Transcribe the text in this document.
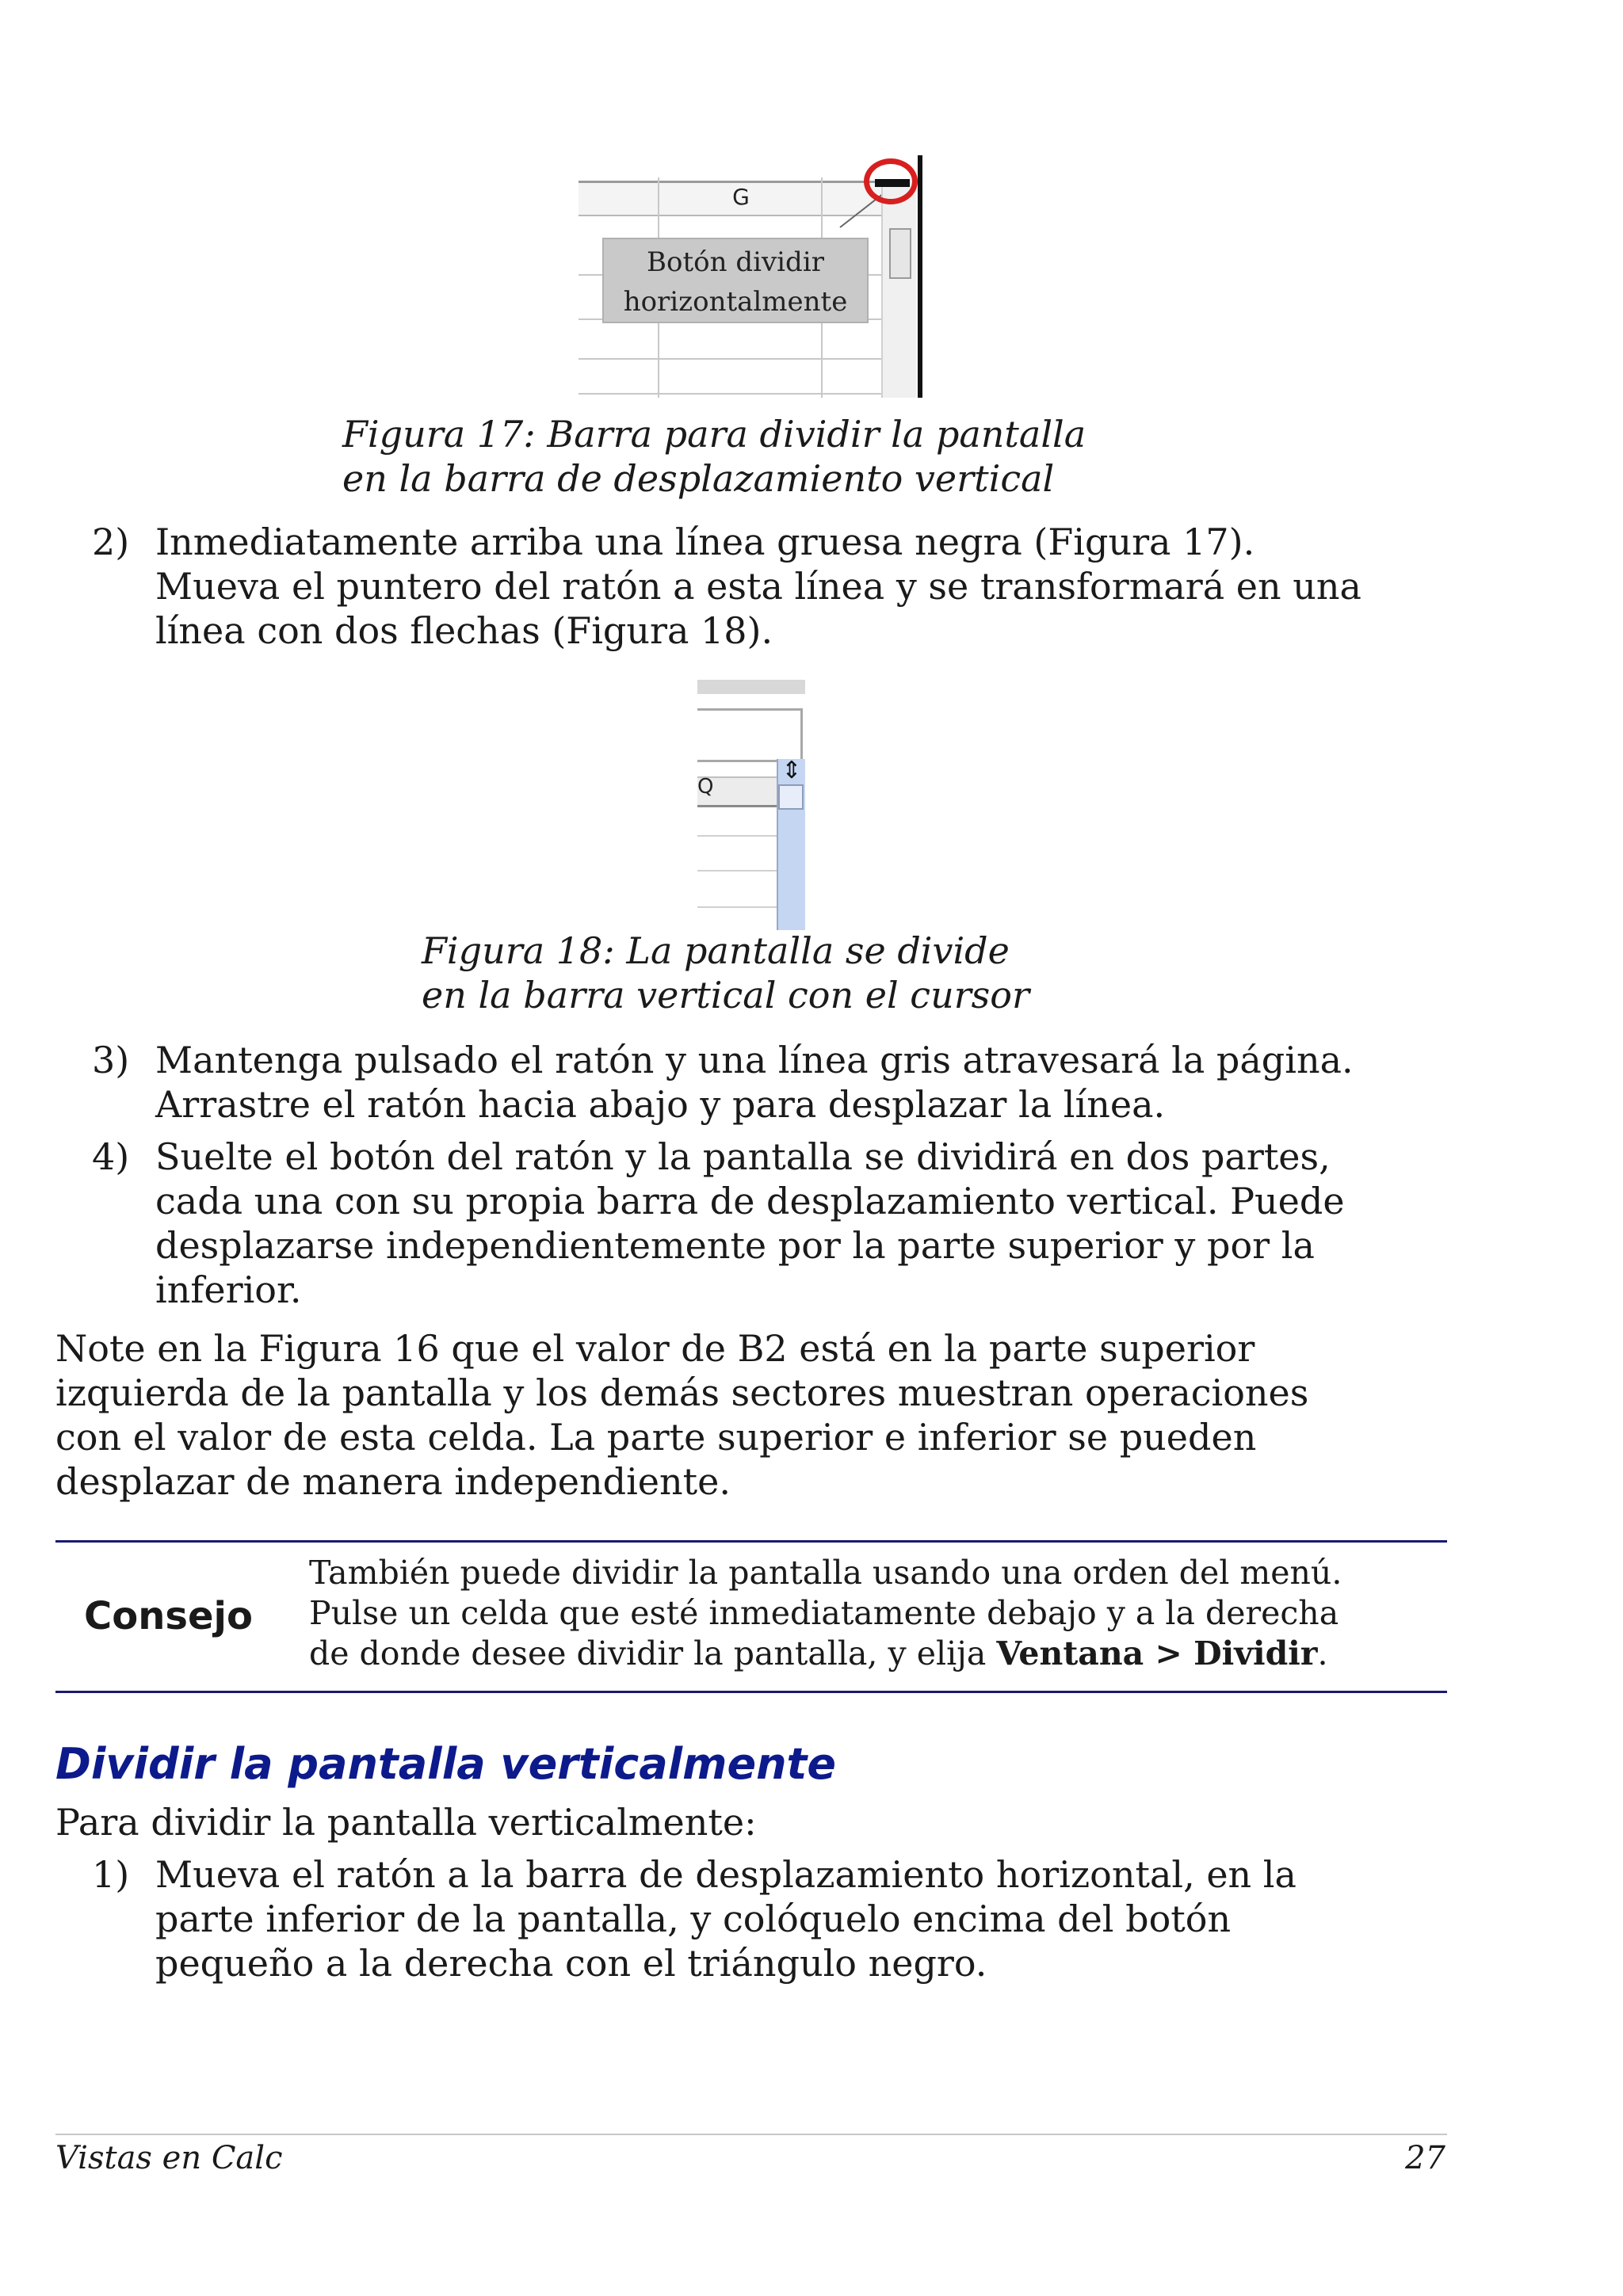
G
Botón dividir
horizontalmente
Figura 17: Barra para dividir la pantalla
en la barra de desplazamiento vertical
2) Inmediatamente arriba una línea gruesa negra (Figura 17).
Mueva el puntero del ratón a esta línea y se transformará en una
línea con dos flechas (Figura 18).
Q
⇕
Figura 18: La pantalla se divide
en la barra vertical con el cursor
3) Mantenga pulsado el ratón y una línea gris atravesará la página.
Arrastre el ratón hacia abajo y para desplazar la línea.
4) Suelte el botón del ratón y la pantalla se dividirá en dos partes,
cada una con su propia barra de desplazamiento vertical. Puede
desplazarse independientemente por la parte superior y por la
inferior.

Note en la Figura 16 que el valor de B2 está en la parte superior
izquierda de la pantalla y los demás sectores muestran operaciones
con el valor de esta celda. La parte superior e inferior se pueden
desplazar de manera independiente.

Consejo
También puede dividir la pantalla usando una orden del menú.
Pulse un celda que esté inmediatamente debajo y a la derecha
de donde desee dividir la pantalla, y elija Ventana > Dividir.
Dividir la pantalla verticalmente

Para dividir la pantalla verticalmente:

1) Mueva el ratón a la barra de desplazamiento horizontal, en la
parte inferior de la pantalla, y colóquelo encima del botón
pequeño a la derecha con el triángulo negro.
Vistas en Calc	27
